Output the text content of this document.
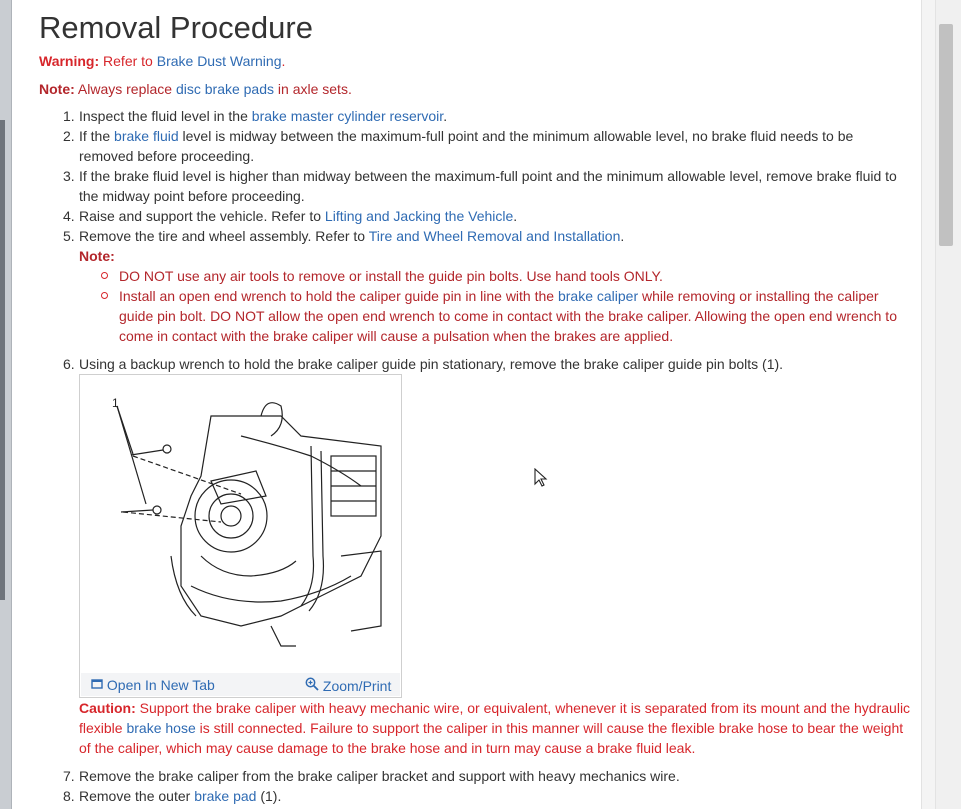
Removal Procedure
Warning: Refer to Brake Dust Warning.
Note: Always replace disc brake pads in axle sets.
1. Inspect the fluid level in the brake master cylinder reservoir.
2. If the brake fluid level is midway between the maximum-full point and the minimum allowable level, no brake fluid needs to be
removed before proceeding.
3. If the brake fluid level is higher than midway between the maximum-full point and the minimum allowable level, remove brake fluid to
the midway point before proceeding.
4. Raise and support the vehicle. Refer to Lifting and Jacking the Vehicle.
5. Remove the tire and wheel assembly. Refer to Tire and Wheel Removal and Installation.
Note:
DO NOT use any air tools to remove or install the guide pin bolts. Use hand tools ONLY.
Install an open end wrench to hold the caliper guide pin in line with the brake caliper while removing or installing the caliper
guide pin bolt. DO NOT allow the open end wrench to come in contact with the brake caliper. Allowing the open end wrench to
come in contact with the brake caliper will cause a pulsation when the brakes are applied.
6. Using a backup wrench to hold the brake caliper guide pin stationary, remove the brake caliper guide pin bolts (1).
1
Open In New Tab	Zoom/Print
Caution: Support the brake caliper with heavy mechanic wire, or equivalent, whenever it is separated from its mount and the hydraulic
flexible brake hose is still connected. Failure to support the caliper in this manner will cause the flexible brake hose to bear the weight
of the caliper, which may cause damage to the brake hose and in turn may cause a brake fluid leak.
7. Remove the brake caliper from the brake caliper bracket and support with heavy mechanics wire.
8. Remove the outer brake pad (1).
